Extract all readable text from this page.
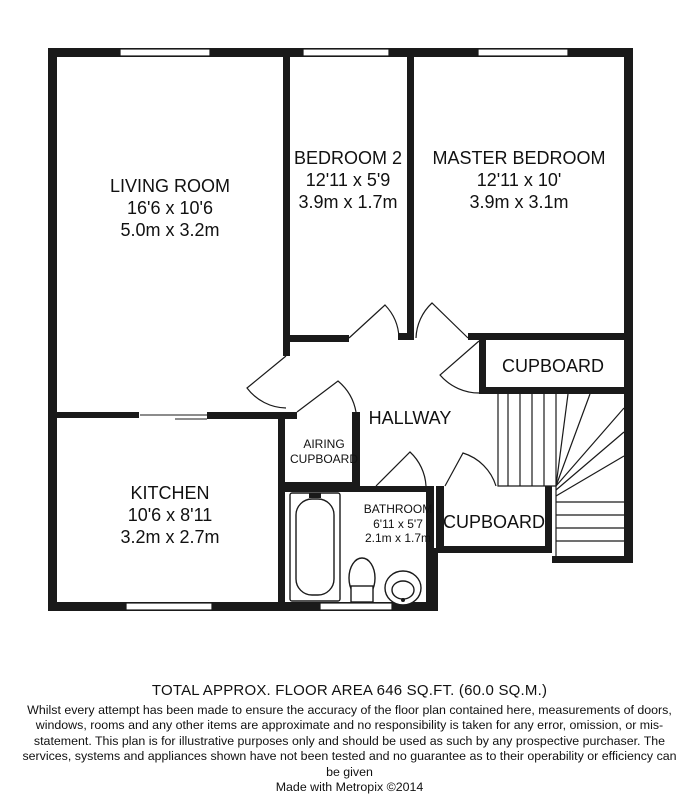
LIVING ROOM
16'6 x 10'6
5.0m x 3.2m
BEDROOM 2
12'11 x 5'9
3.9m x 1.7m
MASTER BEDROOM
12'11 x 10'
3.9m x 3.1m
CUPBOARD
HALLWAY
AIRING
CUPBOARD
KITCHEN
10'6 x 8'11
3.2m x 2.7m
BATHROOM
6'11 x 5'7
2.1m x 1.7m
CUPBOARD

TOTAL APPROX. FLOOR AREA 646 SQ.FT. (60.0 SQ.M.)

Whilst every attempt has been made to ensure the accuracy of the floor plan contained here, measurements of doors, windows, rooms and any other items are approximate and no responsibility is taken for any error, omission, or mis-statement. This plan is for illustrative purposes only and should be used as such by any prospective purchaser. The services, systems and appliances shown have not been tested and no guarantee as to their operability or efficiency can be given

Made with Metropix ©2014
